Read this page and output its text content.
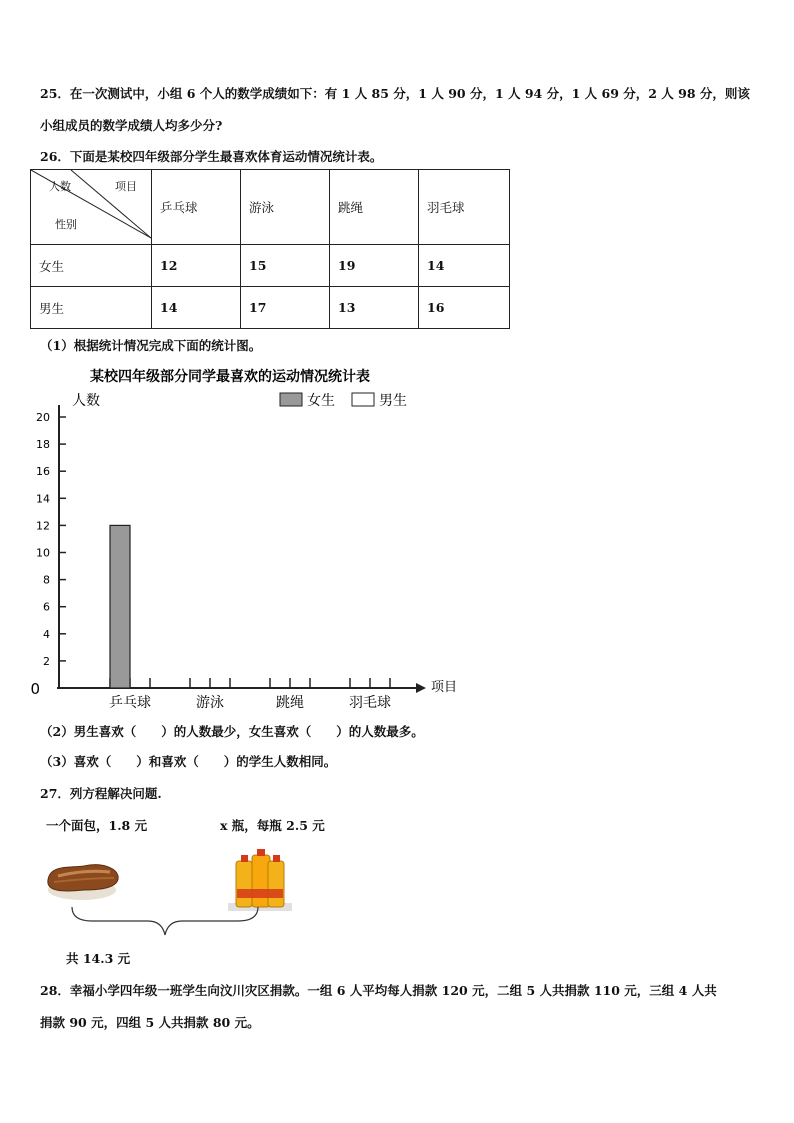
25．在一次测试中，小组 6 个人的数学成绩如下：有 1 人 85 分，1 人 90 分，1 人 94 分，1 人 69 分，2 人 98 分，则该
小组成员的数学成绩人均多少分?
26．下面是某校四年级部分学生最喜欢体育运动情况统计表。
人数 项目
性别	乒乓球	游泳	跳绳	羽毛球
女生	12	15	19	14
男生	14	17	13	16
（1）根据统计情况完成下面的统计图。
某校四年级部分同学最喜欢的运动情况统计表
人数
项目
女生	男生
0
2
4
6
8
10
12
14
16
18
20
乒乓球	游泳	跳绳	羽毛球
（2）男生喜欢（　　）的人数最少，女生喜欢（　　）的人数最多。
（3）喜欢（　　）和喜欢（　　）的学生人数相同。
27．列方程解决问题.
一个面包，1.8 元	x 瓶，每瓶 2.5 元
共 14.3 元
28．幸福小学四年级一班学生向汶川灾区捐款。一组 6 人平均每人捐款 120 元，二组 5 人共捐款 110 元，三组 4 人共
捐款 90 元，四组 5 人共捐款 80 元。
